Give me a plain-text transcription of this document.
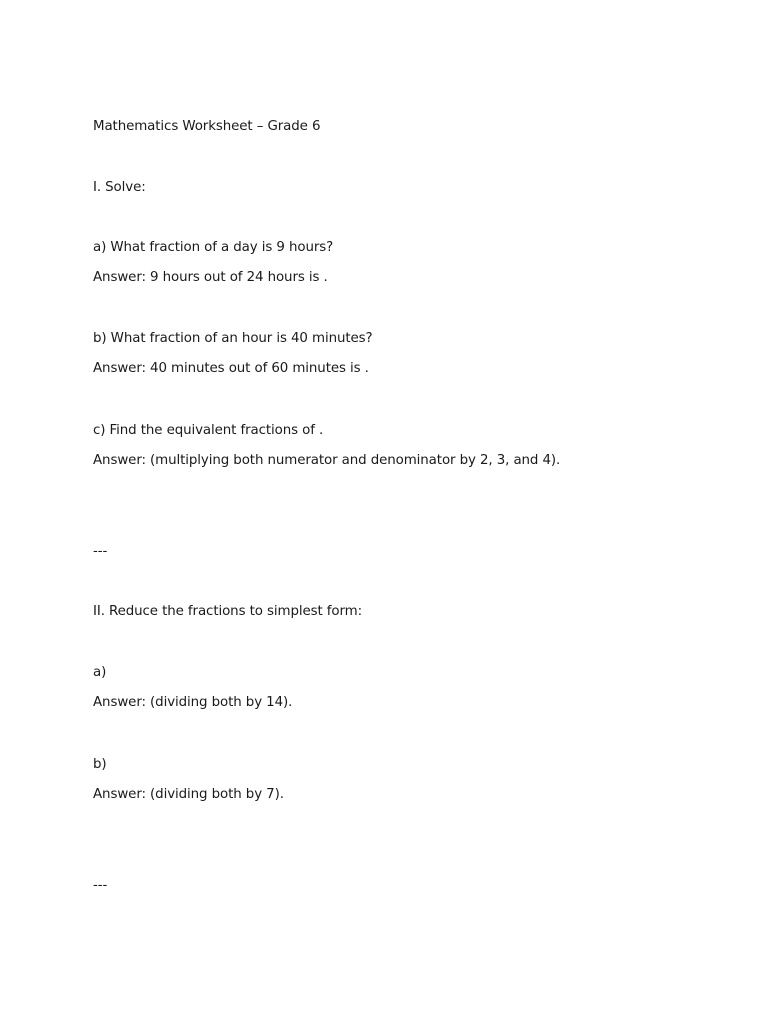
Mathematics Worksheet – Grade 6
I. Solve:
a) What fraction of a day is 9 hours?
Answer: 9 hours out of 24 hours is .
b) What fraction of an hour is 40 minutes?
Answer: 40 minutes out of 60 minutes is .
c) Find the equivalent fractions of .
Answer: (multiplying both numerator and denominator by 2, 3, and 4).
---
II. Reduce the fractions to simplest form:
a)
Answer: (dividing both by 14).
b)
Answer: (dividing both by 7).
---
